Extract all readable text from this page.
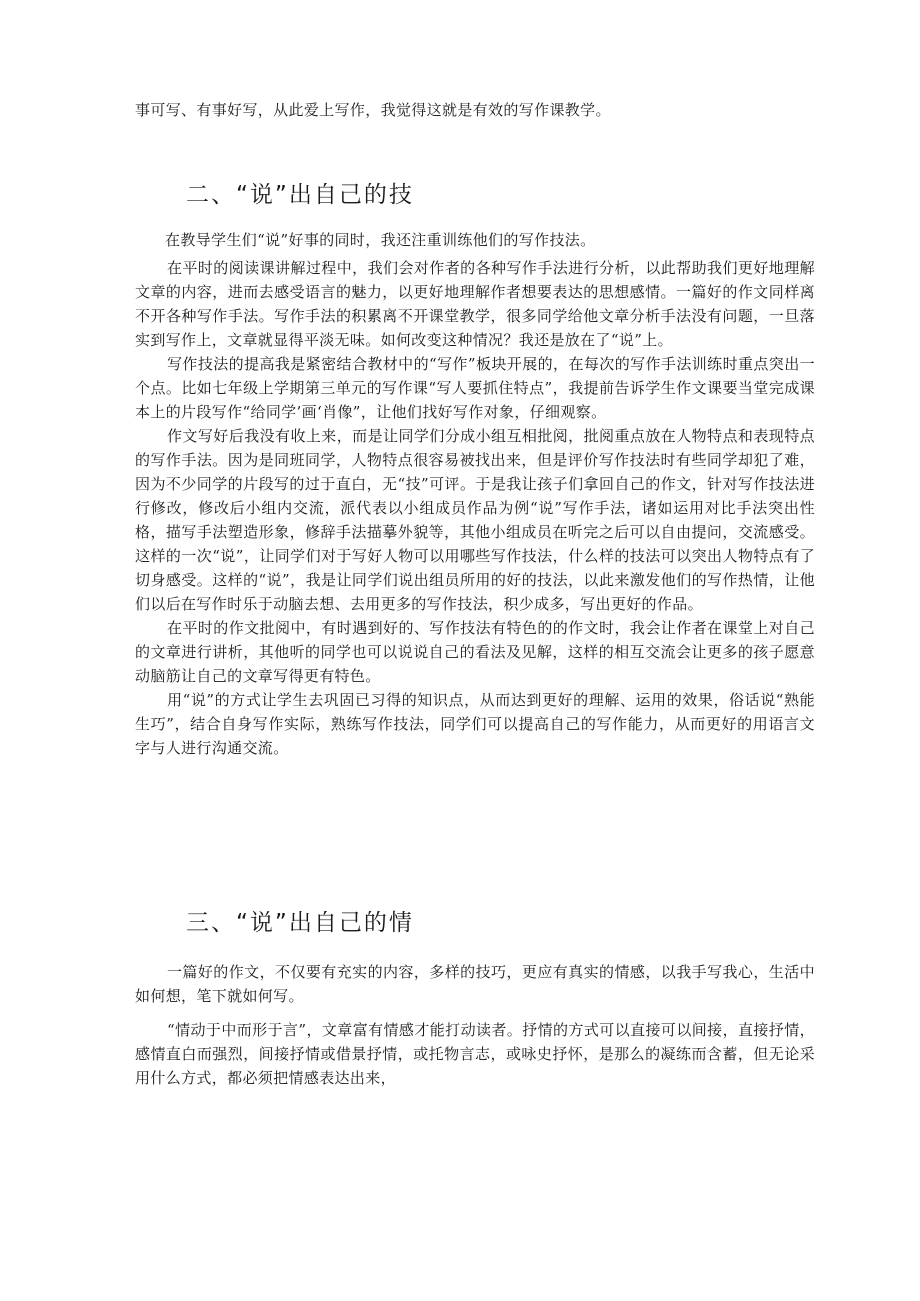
事可写、有事好写，从此爱上写作，我觉得这就是有效的写作课教学。

二、“说”出自己的技

在教导学生们“说”好事的同时，我还注重训练他们的写作技法。

在平时的阅读课讲解过程中，我们会对作者的各种写作手法进行分析，以此帮助我们更好地理解文章的内容，进而去感受语言的魅力，以更好地理解作者想要表达的思想感情。一篇好的作文同样离不开各种写作手法。写作手法的积累离不开课堂教学，很多同学给他文章分析手法没有问题，一旦落实到写作上，文章就显得平淡无味。如何改变这种情况？我还是放在了“说”上。

写作技法的提高我是紧密结合教材中的“写作”板块开展的，在每次的写作手法训练时重点突出一个点。比如七年级上学期第三单元的写作课“写人要抓住特点”，我提前告诉学生作文课要当堂完成课本上的片段写作“给同学’画‘肖像”，让他们找好写作对象，仔细观察。

作文写好后我没有收上来，而是让同学们分成小组互相批阅，批阅重点放在人物特点和表现特点的写作手法。因为是同班同学，人物特点很容易被找出来，但是评价写作技法时有些同学却犯了难，因为不少同学的片段写的过于直白，无“技”可评。于是我让孩子们拿回自己的作文，针对写作技法进行修改，修改后小组内交流，派代表以小组成员作品为例“说”写作手法，诸如运用对比手法突出性格，描写手法塑造形象，修辞手法描摹外貌等，其他小组成员在听完之后可以自由提问，交流感受。这样的一次“说”，让同学们对于写好人物可以用哪些写作技法，什么样的技法可以突出人物特点有了切身感受。这样的“说”，我是让同学们说出组员所用的好的技法，以此来激发他们的写作热情，让他们以后在写作时乐于动脑去想、去用更多的写作技法，积少成多，写出更好的作品。

在平时的作文批阅中，有时遇到好的、写作技法有特色的的作文时，我会让作者在课堂上对自己的文章进行讲析，其他听的同学也可以说说自己的看法及见解，这样的相互交流会让更多的孩子愿意动脑筋让自己的文章写得更有特色。

用“说”的方式让学生去巩固已习得的知识点，从而达到更好的理解、运用的效果，俗话说“熟能生巧”，结合自身写作实际，熟练写作技法，同学们可以提高自己的写作能力，从而更好的用语言文字与人进行沟通交流。

三、“说”出自己的情

一篇好的作文，不仅要有充实的内容，多样的技巧，更应有真实的情感，以我手写我心，生活中如何想，笔下就如何写。

“情动于中而形于言”，文章富有情感才能打动读者。抒情的方式可以直接可以间接，直接抒情，感情直白而强烈，间接抒情或借景抒情，或托物言志，或咏史抒怀，是那么的凝练而含蓄，但无论采用什么方式，都必须把情感表达出来，
